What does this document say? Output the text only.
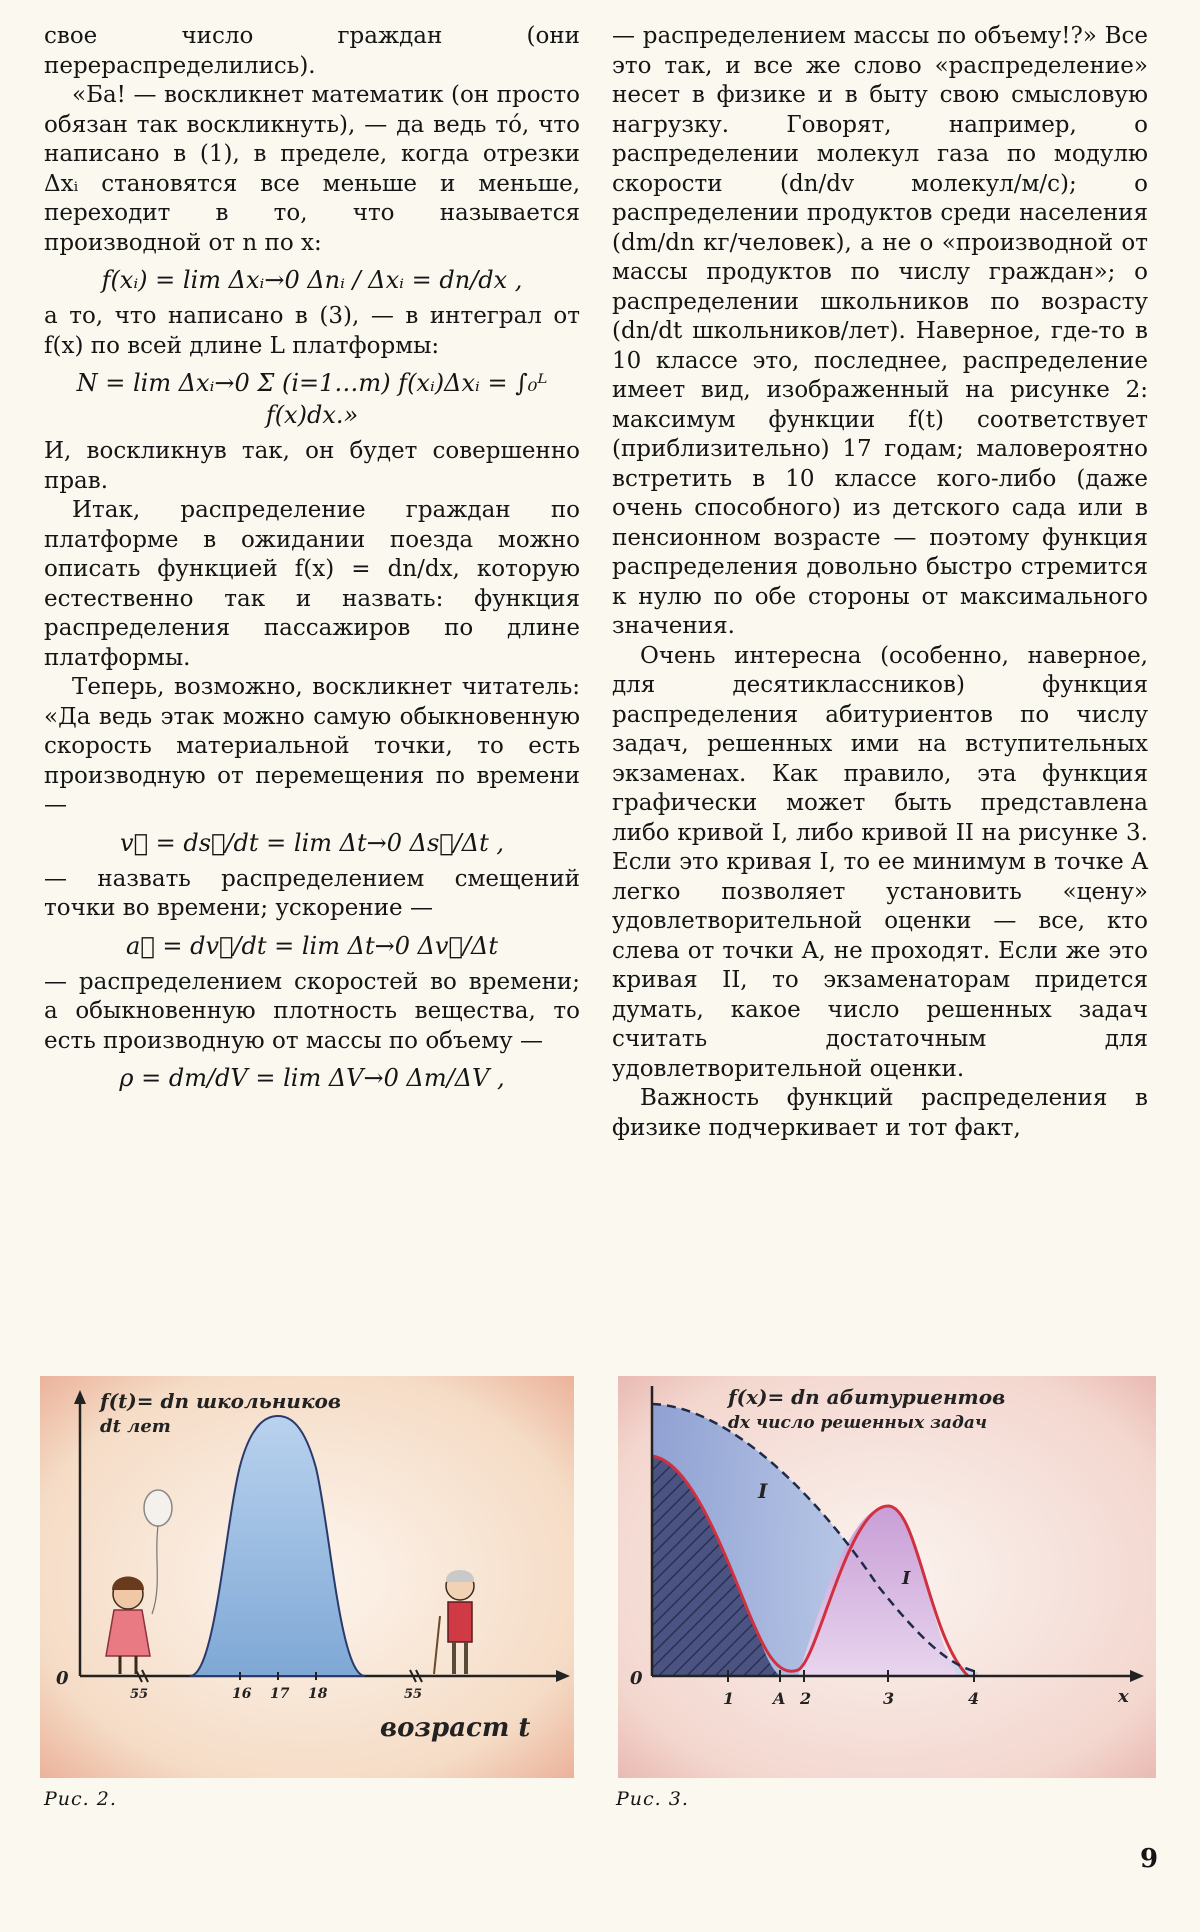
свое число граждан (они перераспределились).

«Ба! — воскликнет математик (он просто обязан так воскликнуть), — да ведь тó, что написано в (1), в пределе, когда отрезки Δxᵢ становятся все меньше и меньше, переходит в то, что называется производной от n по x:

f(xᵢ) = lim Δxᵢ→0 Δnᵢ / Δxᵢ = dn/dx ,

а то, что написано в (3), — в интеграл от f(x) по всей длине L платформы:

N = lim Δxᵢ→0 Σ (i=1…m) f(xᵢ)Δxᵢ = ∫₀ᴸ f(x)dx.»

И, воскликнув так, он будет совершенно прав.

Итак, распределение граждан по платформе в ожидании поезда можно описать функцией f(x) = dn/dx, которую естественно так и назвать: функция распределения пассажиров по длине платформы.

Теперь, возможно, воскликнет читатель: «Да ведь этак можно самую обыкновенную скорость материальной точки, то есть производную от перемещения по времени —

v⃗ = ds⃗/dt = lim Δt→0 Δs⃗/Δt ,

— назвать распределением смещений точки во времени; ускорение —

a⃗ = dv⃗/dt = lim Δt→0 Δv⃗/Δt

— распределением скоростей во времени; а обыкновенную плотность вещества, то есть производную от массы по объему —

ρ = dm/dV = lim ΔV→0 Δm/ΔV ,

— распределением массы по объему!?» Все это так, и все же слово «распределение» несет в физике и в быту свою смысловую нагрузку. Говорят, например, о распределении молекул газа по модулю скорости (dn/dv молекул/м/с); о распределении продуктов среди населения (dm/dn кг/человек), а не о «производной от массы продуктов по числу граждан»; о распределении школьников по возрасту (dn/dt школьников/лет). Наверное, где-то в 10 классе это, последнее, распределение имеет вид, изображенный на рисунке 2: максимум функции f(t) соответствует (приблизительно) 17 годам; маловероятно встретить в 10 классе кого-либо (даже очень способного) из детского сада или в пенсионном возрасте — поэтому функция распределения довольно быстро стремится к нулю по обе стороны от максимального значения.

Очень интересна (особенно, наверное, для десятиклассников) функция распределения абитуриентов по числу задач, решенных ими на вступительных экзаменах. Как правило, эта функция графически может быть представлена либо кривой I, либо кривой II на рисунке 3. Если это кривая I, то ее минимум в точке A легко позволяет установить «цену» удовлетворительной оценки — все, кто слева от точки A, не проходят. Если же это кривая II, то экзаменаторам придется думать, какое число решенных задач считать достаточным для удовлетворительной оценки.

Важность функций распределения в физике подчеркивает и тот факт,

f(t)= dn школьников
dt лет
0
55	16 17 18	55
возраст t
Рис. 2.
f(x)= dn абитуриентов
dx число решенных задач
0
1 A 2	3	4	x
I
I
Рис. 3.
9
